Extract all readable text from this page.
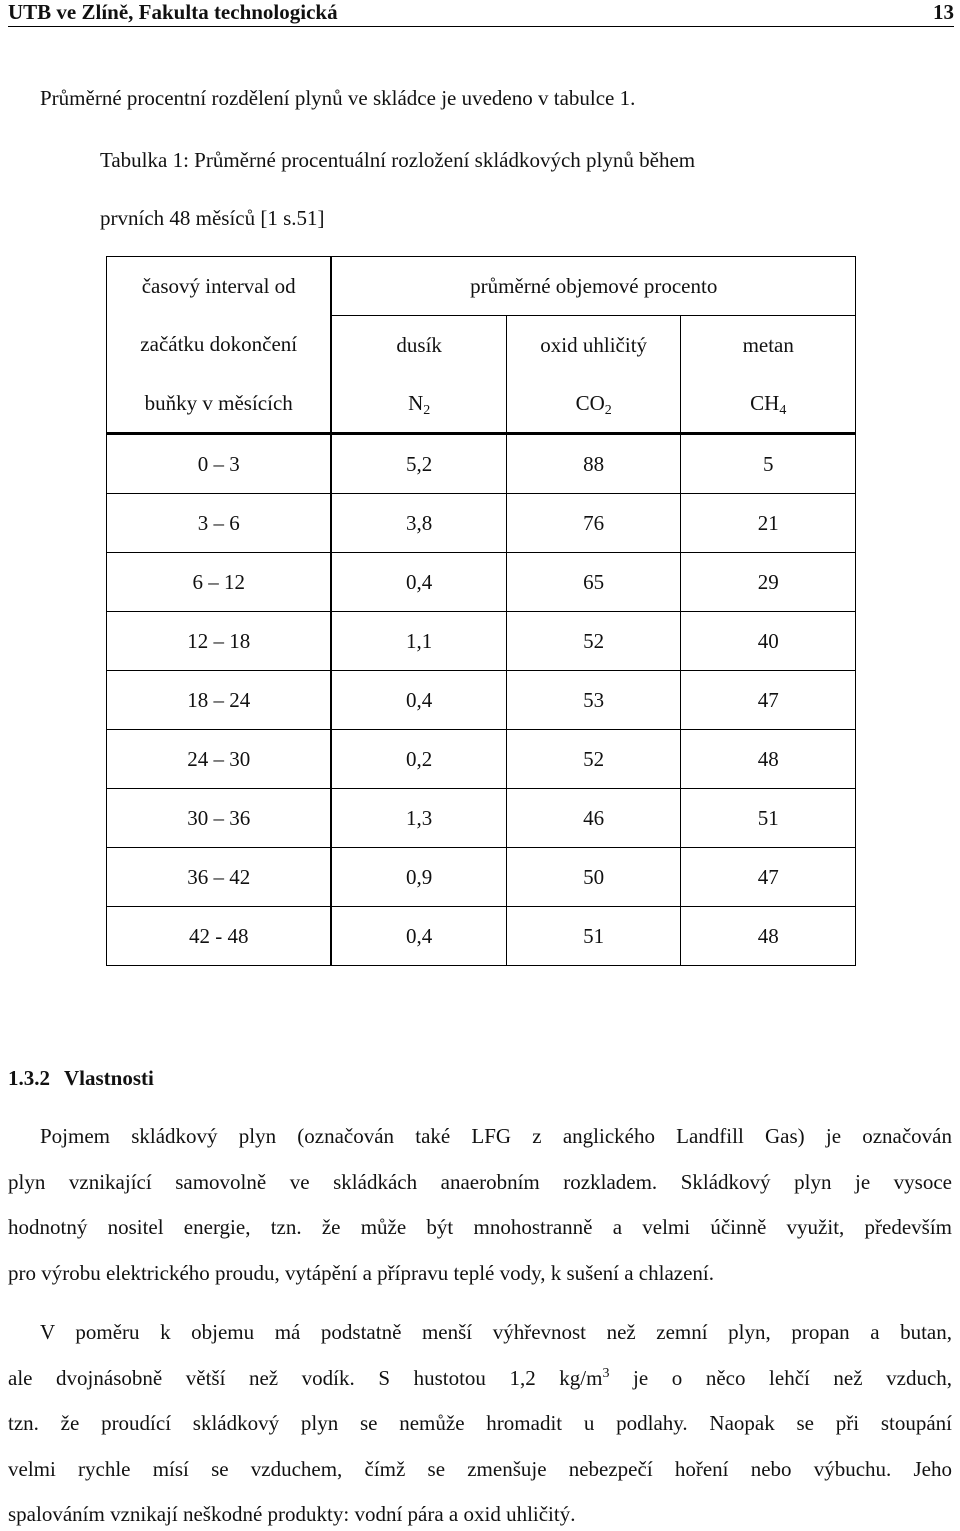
UTB ve Zlíně, Fakulta technologická	13
Průměrné procentní rozdělení plynů ve skládce je uvedeno v tabulce 1.
Tabulka 1: Průměrné procentuální rozložení skládkových plynů během
prvních 48 měsíců [1 s.51]
časový interval od	průměrné objemové procento		
začátku dokončení	dusík	oxid uhličitý	metan
buňky v měsících	$N_2$	$CO_2$	$CH_4$
0 – 3	5,2	88	5
3 – 6	3,8	76	21
6 – 12	0,4	65	29
12 – 18	1,1	52	40
18 – 24	0,4	53	47
24 – 30	0,2	52	48
30 – 36	1,3	46	51
36 – 42	0,9	50	47
42 - 48	0,4	51	48
1.3.2 Vlastnosti
Pojmem skládkový plyn (označován také LFG z anglického Landfill Gas) je označován
plyn vznikající samovolně ve skládkách anaerobním rozkladem. Skládkový plyn je vysoce
hodnotný nositel energie, tzn. že může být mnohostranně a velmi účinně využit, především
pro výrobu elektrického proudu, vytápění a přípravu teplé vody, k sušení a chlazení.
V poměru k objemu má podstatně menší výhřevnost než zemní plyn, propan a butan,
ale dvojnásobně větší než vodík. S hustotou 1,2 $kg/m^3$ je o něco lehčí než vzduch,
tzn. že proudící skládkový plyn se nemůže hromadit u podlahy. Naopak se při stoupání
velmi rychle mísí se vzduchem, čímž se zmenšuje nebezpečí hoření nebo výbuchu. Jeho
spalováním vznikají neškodné produkty: vodní pára a oxid uhličitý.
